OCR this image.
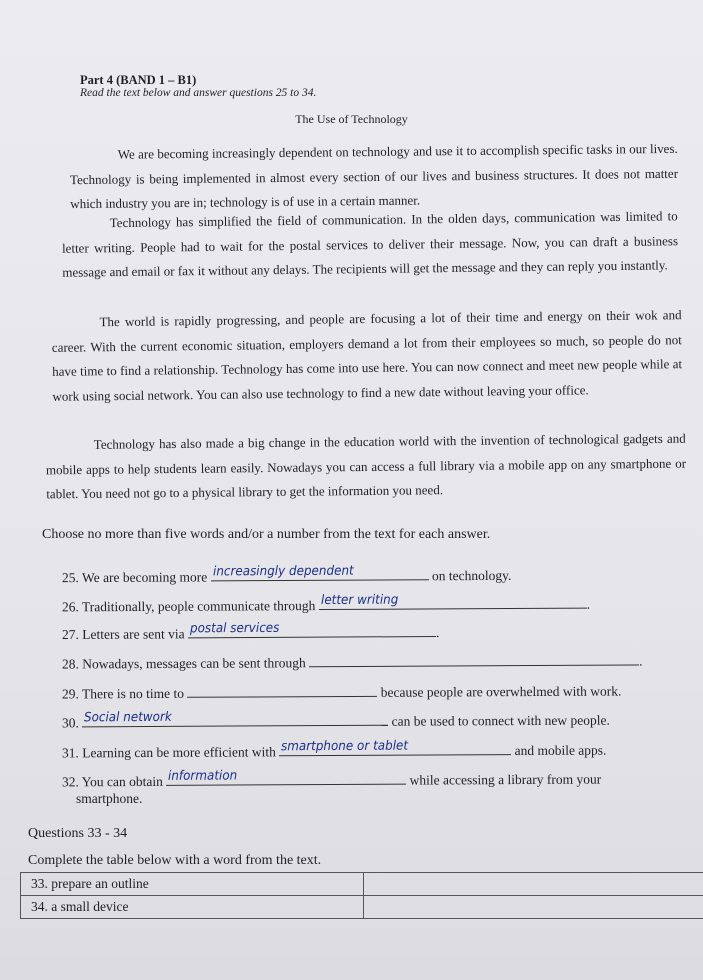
Part 4 (BAND 1 – B1)
Read the text below and answer questions 25 to 34.
The Use of Technology
We are becoming increasingly dependent on technology and use it to accomplish specific tasks in our lives. Technology is being implemented in almost every section of our lives and business structures. It does not matter which industry you are in; technology is of use in a certain manner.
Technology has simplified the field of communication. In the olden days, communication was limited to letter writing. People had to wait for the postal services to deliver their message. Now, you can draft a business message and email or fax it without any delays. The recipients will get the message and they can reply you instantly.
The world is rapidly progressing, and people are focusing a lot of their time and energy on their wok and career. With the current economic situation, employers demand a lot from their employees so much, so people do not have time to find a relationship. Technology has come into use here. You can now connect and meet new people while at work using social network. You can also use technology to find a new date without leaving your office.
Technology has also made a big change in the education world with the invention of technological gadgets and mobile apps to help students learn easily. Nowadays you can access a full library via a mobile app on any smartphone or tablet. You need not go to a physical library to get the information you need.
Choose no more than five words and/or a number from the text for each answer.
25. We are becoming more increasingly dependent	on technology.
26. Traditionally, people communicate through letter writing	.
27. Letters are sent via postal services	.
28. Nowadays, messages can be sent through	.
29. There is no time to	because people are overwhelmed with work.
30. Social network	can be used to connect with new people.
31. Learning can be more efficient with smartphone or tablet	and mobile apps.
32. You can obtain information	while accessing a library from your
smartphone.
Questions 33 - 34
Complete the table below with a word from the text.
33. prepare an outline	
34. a small device	
